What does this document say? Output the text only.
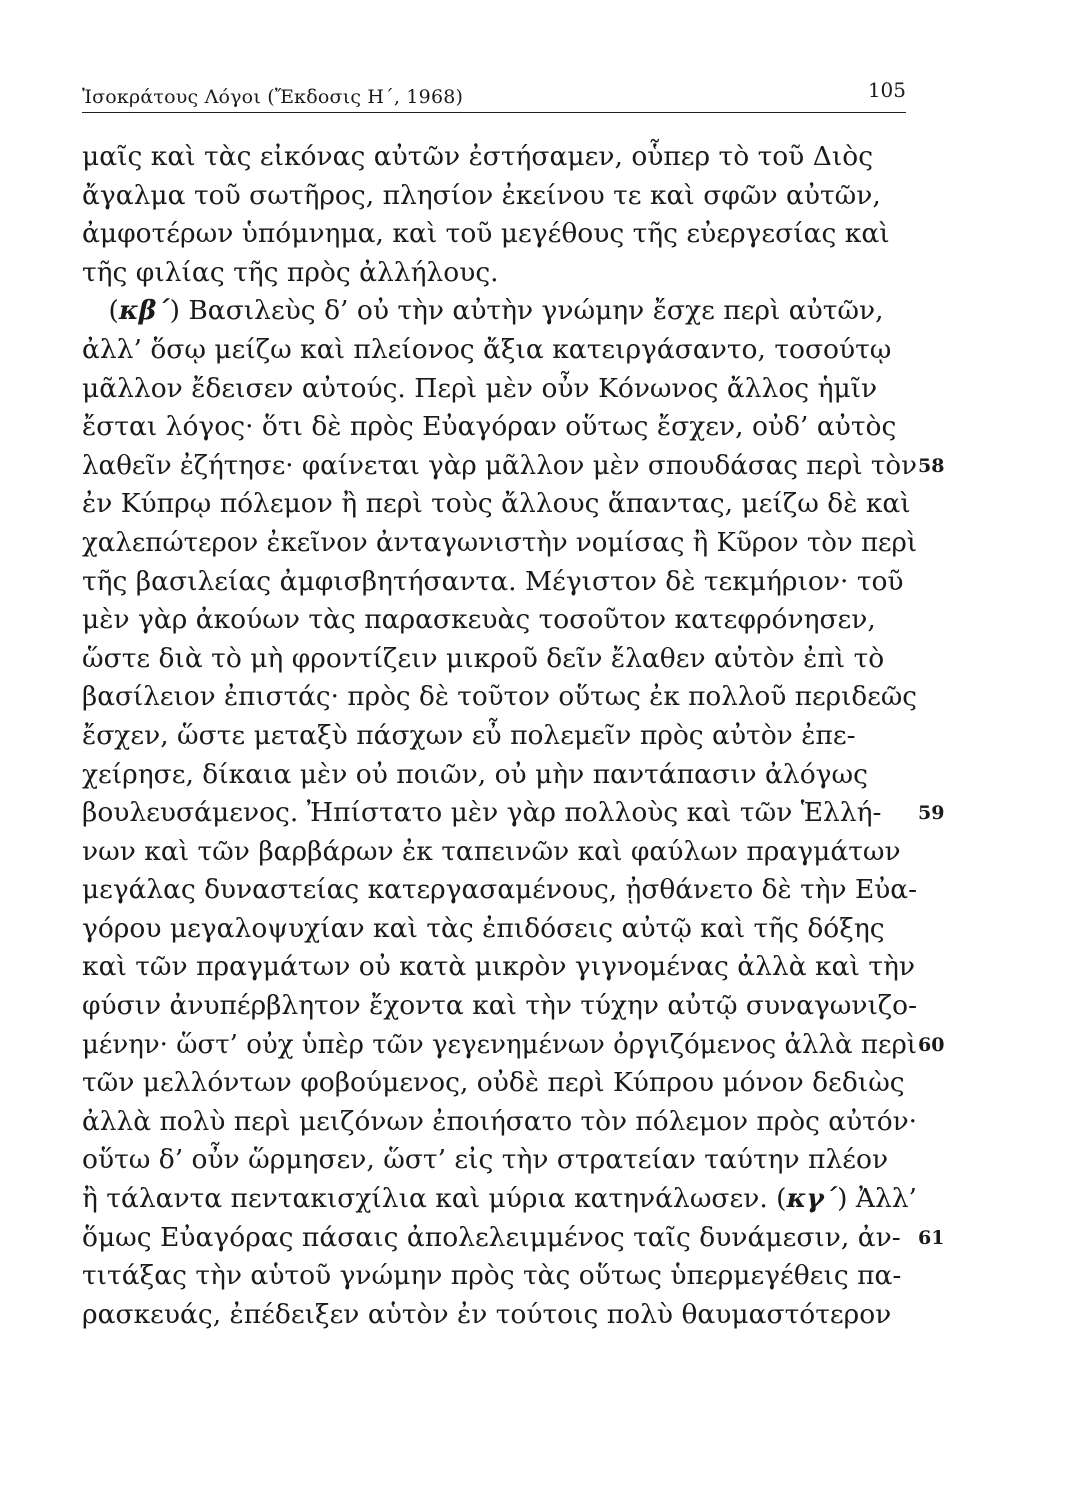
Ἰσοκράτους Λόγοι (Ἔκδοσις Η΄, 1968)	105
μαῖς καὶ τὰς εἰκόνας αὐτῶν ἐστήσαμεν, οὗπερ τὸ τοῦ Διὸς
ἄγαλμα τοῦ σωτῆρος, πλησίον ἐκείνου τε καὶ σφῶν αὐτῶν,
ἀμφοτέρων ὑπόμνημα, καὶ τοῦ μεγέθους τῆς εὐεργεσίας καὶ
τῆς φιλίας τῆς πρὸς ἀλλήλους.
 (κβ΄) Βασιλεὺς δ’ οὐ τὴν αὐτὴν γνώμην ἔσχε περὶ αὐτῶν,
ἀλλ’ ὅσῳ μείζω καὶ πλείονος ἄξια κατειργάσαντο, τοσούτῳ
μᾶλλον ἔδεισεν αὐτούς. Περὶ μὲν οὖν Κόνωνος ἄλλος ἡμῖν
ἔσται λόγος· ὅτι δὲ πρὸς Εὐαγόραν οὕτως ἔσχεν, οὐδ’ αὐτὸς
λαθεῖν ἐζήτησε· φαίνεται γὰρ μᾶλλον μὲν σπουδάσας περὶ τὸν
ἐν Κύπρῳ πόλεμον ἢ περὶ τοὺς ἄλλους ἅπαντας, μείζω δὲ καὶ
χαλεπώτερον ἐκεῖνον ἀνταγωνιστὴν νομίσας ἢ Κῦρον τὸν περὶ
τῆς βασιλείας ἀμφισβητήσαντα. Μέγιστον δὲ τεκμήριον· τοῦ
μὲν γὰρ ἀκούων τὰς παρασκευὰς τοσοῦτον κατεφρόνησεν,
ὥστε διὰ τὸ μὴ φροντίζειν μικροῦ δεῖν ἔλαθεν αὐτὸν ἐπὶ τὸ
βασίλειον ἐπιστάς· πρὸς δὲ τοῦτον οὕτως ἐκ πολλοῦ περιδεῶς
ἔσχεν, ὥστε μεταξὺ πάσχων εὖ πολεμεῖν πρὸς αὐτὸν ἐπε-
χείρησε, δίκαια μὲν οὐ ποιῶν, οὐ μὴν παντάπασιν ἀλόγως
βουλευσάμενος. Ἠπίστατο μὲν γὰρ πολλοὺς καὶ τῶν Ἑλλή-
νων καὶ τῶν βαρβάρων ἐκ ταπεινῶν καὶ φαύλων πραγμάτων
μεγάλας δυναστείας κατεργασαμένους, ᾐσθάνετο δὲ τὴν Εὐα-
γόρου μεγαλοψυχίαν καὶ τὰς ἐπιδόσεις αὐτῷ καὶ τῆς δόξης
καὶ τῶν πραγμάτων οὐ κατὰ μικρὸν γιγνομένας ἀλλὰ καὶ τὴν
φύσιν ἀνυπέρβλητον ἔχοντα καὶ τὴν τύχην αὐτῷ συναγωνιζο-
μένην· ὥστ’ οὐχ ὑπὲρ τῶν γεγενημένων ὀργιζόμενος ἀλλὰ περὶ
τῶν μελλόντων φοβούμενος, οὐδὲ περὶ Κύπρου μόνον δεδιὼς
ἀλλὰ πολὺ περὶ μειζόνων ἐποιήσατο τὸν πόλεμον πρὸς αὐτόν·
οὕτω δ’ οὖν ὥρμησεν, ὥστ’ εἰς τὴν στρατείαν ταύτην πλέον
ἢ τάλαντα πεντακισχίλια καὶ μύρια κατηνάλωσεν. (κγ΄) Ἀλλ’
ὅμως Εὐαγόρας πάσαις ἀπολελειμμένος ταῖς δυνάμεσιν, ἀν-
τιτάξας τὴν αὑτοῦ γνώμην πρὸς τὰς οὕτως ὑπερμεγέθεις πα-
ρασκευάς, ἐπέδειξεν αὑτὸν ἐν τούτοις πολὺ θαυμαστότερον
58
59
60
61
